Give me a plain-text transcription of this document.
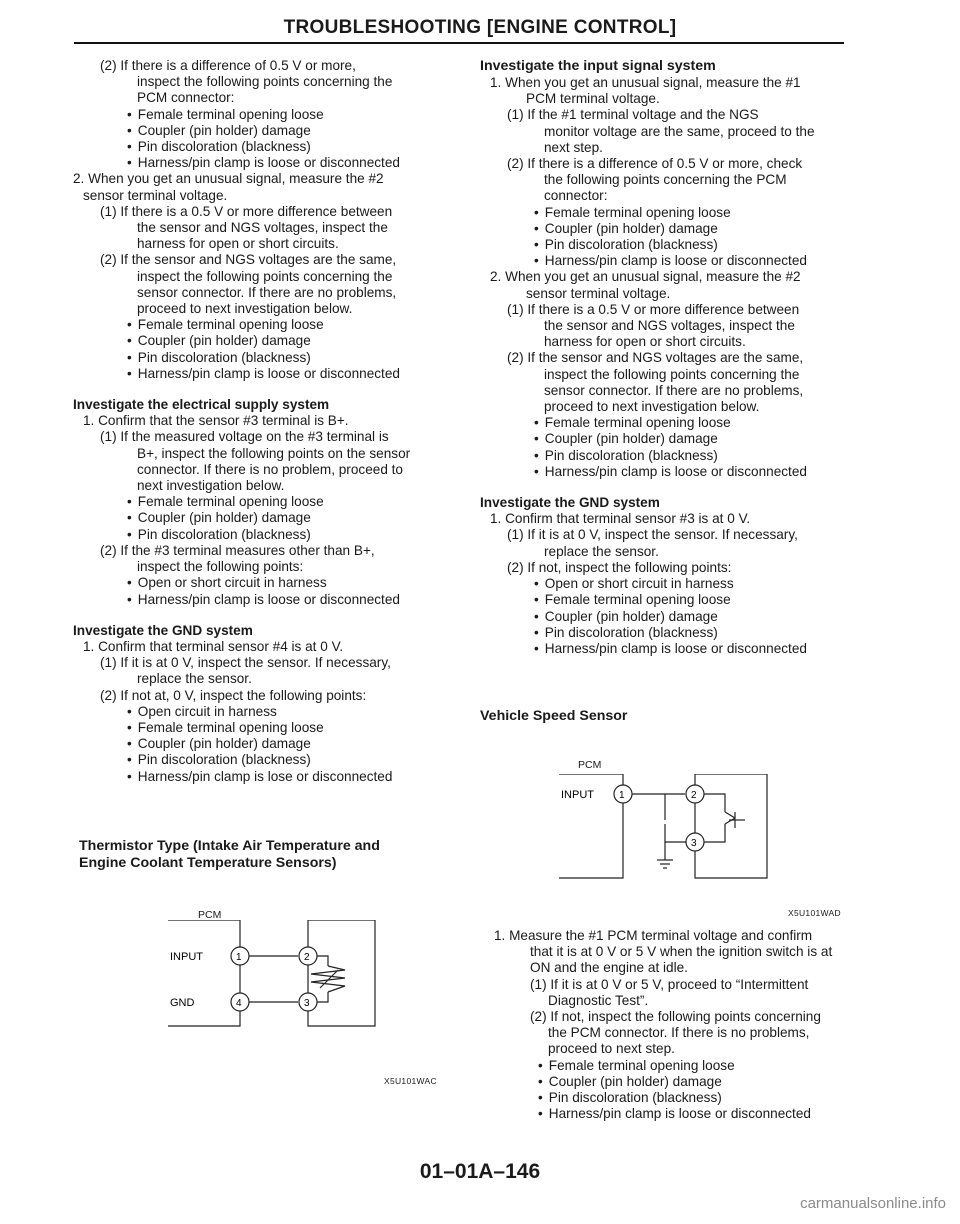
TROUBLESHOOTING [ENGINE CONTROL]
(2) If there is a difference of 0.5 V or more,
inspect the following points concerning the
PCM connector:
• Female terminal opening loose
• Coupler (pin holder) damage
• Pin discoloration (blackness)
• Harness/pin clamp is loose or disconnected
2. When you get an unusual signal, measure the #2
sensor terminal voltage.
(1) If there is a 0.5 V or more difference between
the sensor and NGS voltages, inspect the
harness for open or short circuits.
(2) If the sensor and NGS voltages are the same,
inspect the following points concerning the
sensor connector. If there are no problems,
proceed to next investigation below.
• Female terminal opening loose
• Coupler (pin holder) damage
• Pin discoloration (blackness)
• Harness/pin clamp is loose or disconnected
Investigate the electrical supply system
1. Confirm that the sensor #3 terminal is B+.
(1) If the measured voltage on the #3 terminal is
B+, inspect the following points on the sensor
connector. If there is no problem, proceed to
next investigation below.
• Female terminal opening loose
• Coupler (pin holder) damage
• Pin discoloration (blackness)
(2) If the #3 terminal measures other than B+,
inspect the following points:
• Open or short circuit in harness
• Harness/pin clamp is loose or disconnected
Investigate the GND system
1. Confirm that terminal sensor #4 is at 0 V.
(1) If it is at 0 V, inspect the sensor. If necessary,
replace the sensor.
(2) If not at, 0 V, inspect the following points:
• Open circuit in harness
• Female terminal opening loose
• Coupler (pin holder) damage
• Pin discoloration (blackness)
• Harness/pin clamp is lose or disconnected
Thermistor Type (Intake Air Temperature and
Engine Coolant Temperature Sensors)
PCM
INPUT
GND
1
4
2
3
X5U101WAC
Investigate the input signal system
1. When you get an unusual signal, measure the #1
PCM terminal voltage.
(1) If the #1 terminal voltage and the NGS
monitor voltage are the same, proceed to the
next step.
(2) If there is a difference of 0.5 V or more, check
the following points concerning the PCM
connector:
• Female terminal opening loose
• Coupler (pin holder) damage
• Pin discoloration (blackness)
• Harness/pin clamp is loose or disconnected
2. When you get an unusual signal, measure the #2
sensor terminal voltage.
(1) If there is a 0.5 V or more difference between
the sensor and NGS voltages, inspect the
harness for open or short circuits.
(2) If the sensor and NGS voltages are the same,
inspect the following points concerning the
sensor connector. If there are no problems,
proceed to next investigation below.
• Female terminal opening loose
• Coupler (pin holder) damage
• Pin discoloration (blackness)
• Harness/pin clamp is loose or disconnected
Investigate the GND system
1. Confirm that terminal sensor #3 is at 0 V.
(1) If it is at 0 V, inspect the sensor. If necessary,
replace the sensor.
(2) If not, inspect the following points:
• Open or short circuit in harness
• Female terminal opening loose
• Coupler (pin holder) damage
• Pin discoloration (blackness)
• Harness/pin clamp is loose or disconnected
Vehicle Speed Sensor
PCM
INPUT	1	2
3
X5U101WAD
1. Measure the #1 PCM terminal voltage and confirm
that it is at 0 V or 5 V when the ignition switch is at
ON and the engine at idle.
(1) If it is at 0 V or 5 V, proceed to “Intermittent
Diagnostic Test”.
(2) If not, inspect the following points concerning
the PCM connector. If there is no problems,
proceed to next step.
• Female terminal opening loose
• Coupler (pin holder) damage
• Pin discoloration (blackness)
• Harness/pin clamp is loose or disconnected
01–01A–146
carmanualsonline.info
